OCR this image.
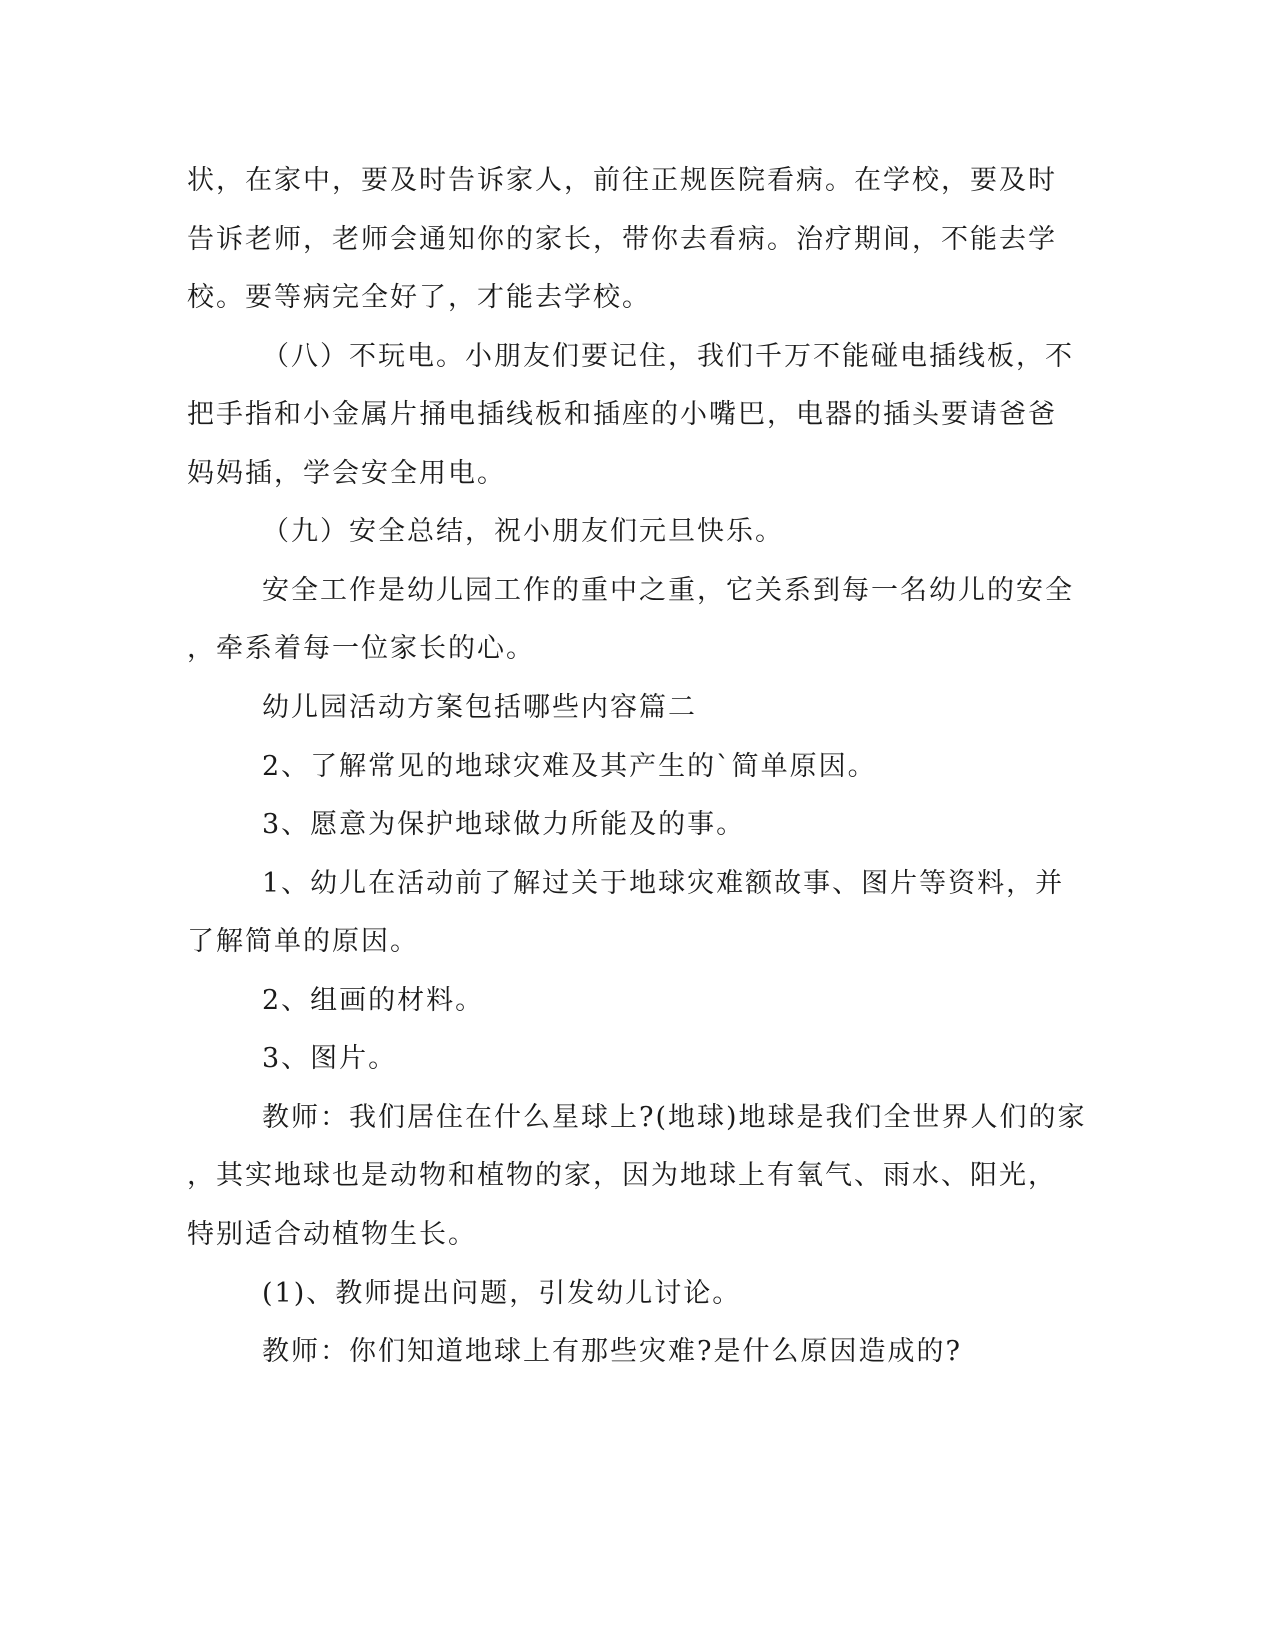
状，在家中，要及时告诉家人，前往正规医院看病。在学校，要及时
告诉老师，老师会通知你的家长，带你去看病。治疗期间，不能去学
校。要等病完全好了，才能去学校。
（八）不玩电。小朋友们要记住，我们千万不能碰电插线板，不
把手指和小金属片捅电插线板和插座的小嘴巴，电器的插头要请爸爸
妈妈插，学会安全用电。
（九）安全总结，祝小朋友们元旦快乐。
安全工作是幼儿园工作的重中之重，它关系到每一名幼儿的安全
，牵系着每一位家长的心。
幼儿园活动方案包括哪些内容篇二
2、了解常见的地球灾难及其产生的`简单原因。
3、愿意为保护地球做力所能及的事。
1、幼儿在活动前了解过关于地球灾难额故事、图片等资料，并
了解简单的原因。
2、组画的材料。
3、图片。
教师：我们居住在什么星球上?(地球)地球是我们全世界人们的家
，其实地球也是动物和植物的家，因为地球上有氧气、雨水、阳光，
特别适合动植物生长。
(1)、教师提出问题，引发幼儿讨论。
教师：你们知道地球上有那些灾难?是什么原因造成的?
